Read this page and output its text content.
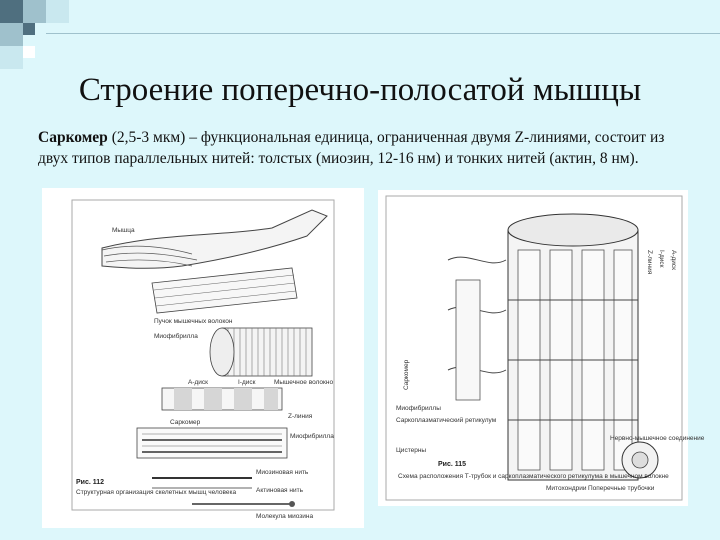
Строение поперечно-полосатой мышцы
Саркомер (2,5-3 мкм) – функциональная единица, ограниченная двумя Z-линиями, состоит из двух типов параллельных нитей: толстых (миозин, 12-16 нм) и тонких нитей (актин, 8 нм).
Мышца
Пучок мышечных волокон
Миофибрилла
Мышечное волокно
А-диск	I-диск
Z-линия
Саркомер
Миофибрилла
Миозиновая нить
Актиновая нить
Молекула миозина
Рис. 112
Структурная организация скелетных мышц человека
Z-линия I-диск А-диск
Саркомер
Миофибриллы
Саркоплазматический ретикулум
Цистерны
Митохондрии Поперечные трубочки
Нервно-мышечное соединение
Рис. 115
Схема расположения Т-трубок и саркоплазматического ретикулума в мышечном волокне
